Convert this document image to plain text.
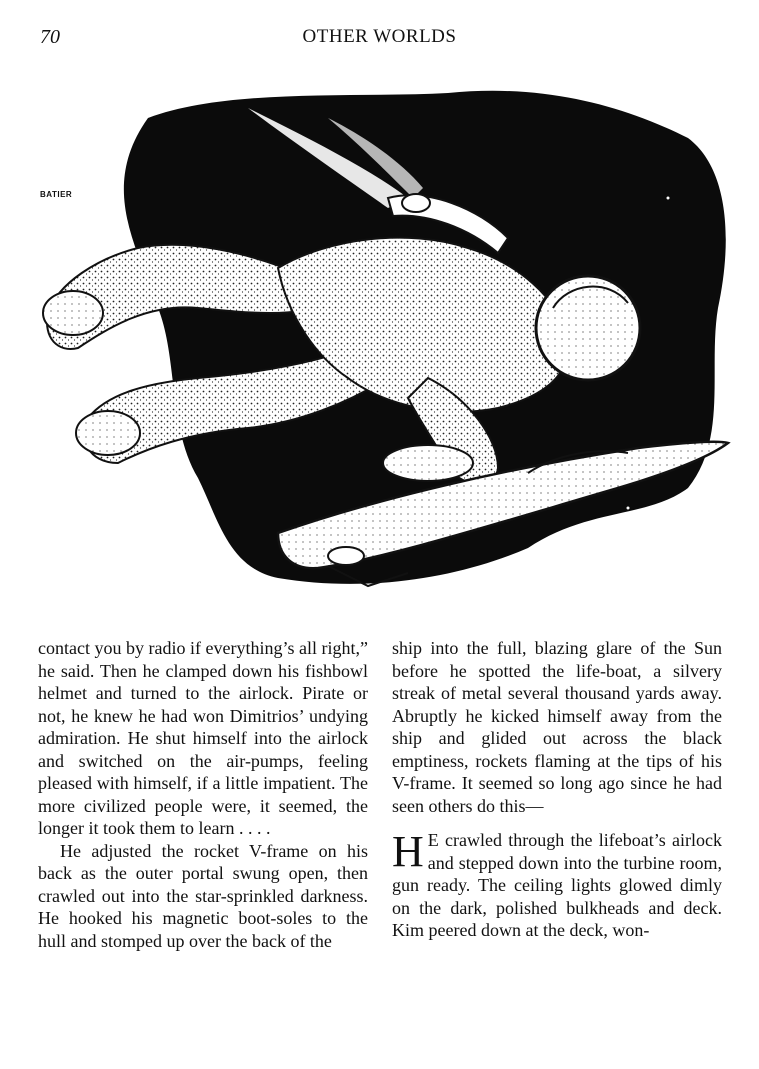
70	OTHER WORLDS
BATIER

contact you by radio if everything’s all right,” he said. Then he clamped down his fishbowl helmet and turned to the airlock. Pirate or not, he knew he had won Dimitrios’ undying admiration. He shut himself into the airlock and switched on the air-pumps, feeling pleased with himself, if a little impatient. The more civilized people were, it seemed, the longer it took them to learn . . . .

He adjusted the rocket V-frame on his back as the outer portal swung open, then crawled out into the star-sprinkled darkness. He hooked his magnetic boot-soles to the hull and stomped up over the back of the

ship into the full, blazing glare of the Sun before he spotted the life-boat, a silvery streak of metal several thousand yards away. Abruptly he kicked himself away from the ship and glided out across the black emptiness, rockets flaming at the tips of his V-frame. It seemed so long ago since he had seen others do this—

H E crawled through the lifeboat’s airlock and stepped down into the turbine room, gun ready. The ceiling lights glowed dimly on the dark, polished bulkheads and deck. Kim peered down at the deck, won-
